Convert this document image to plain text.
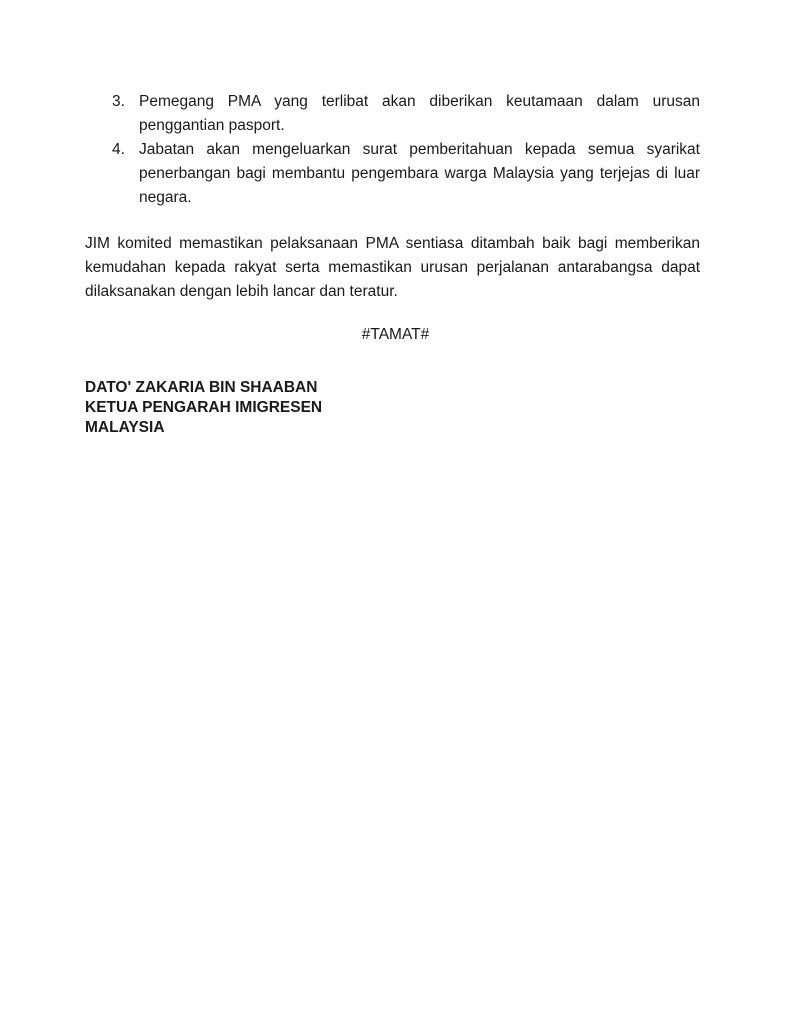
3. Pemegang PMA yang terlibat akan diberikan keutamaan dalam urusan penggantian pasport.
4. Jabatan akan mengeluarkan surat pemberitahuan kepada semua syarikat penerbangan bagi membantu pengembara warga Malaysia yang terjejas di luar negara.

JIM komited memastikan pelaksanaan PMA sentiasa ditambah baik bagi memberikan kemudahan kepada rakyat serta memastikan urusan perjalanan antarabangsa dapat dilaksanakan dengan lebih lancar dan teratur.

#TAMAT#
DATO' ZAKARIA BIN SHAABAN
KETUA PENGARAH IMIGRESEN
MALAYSIA
